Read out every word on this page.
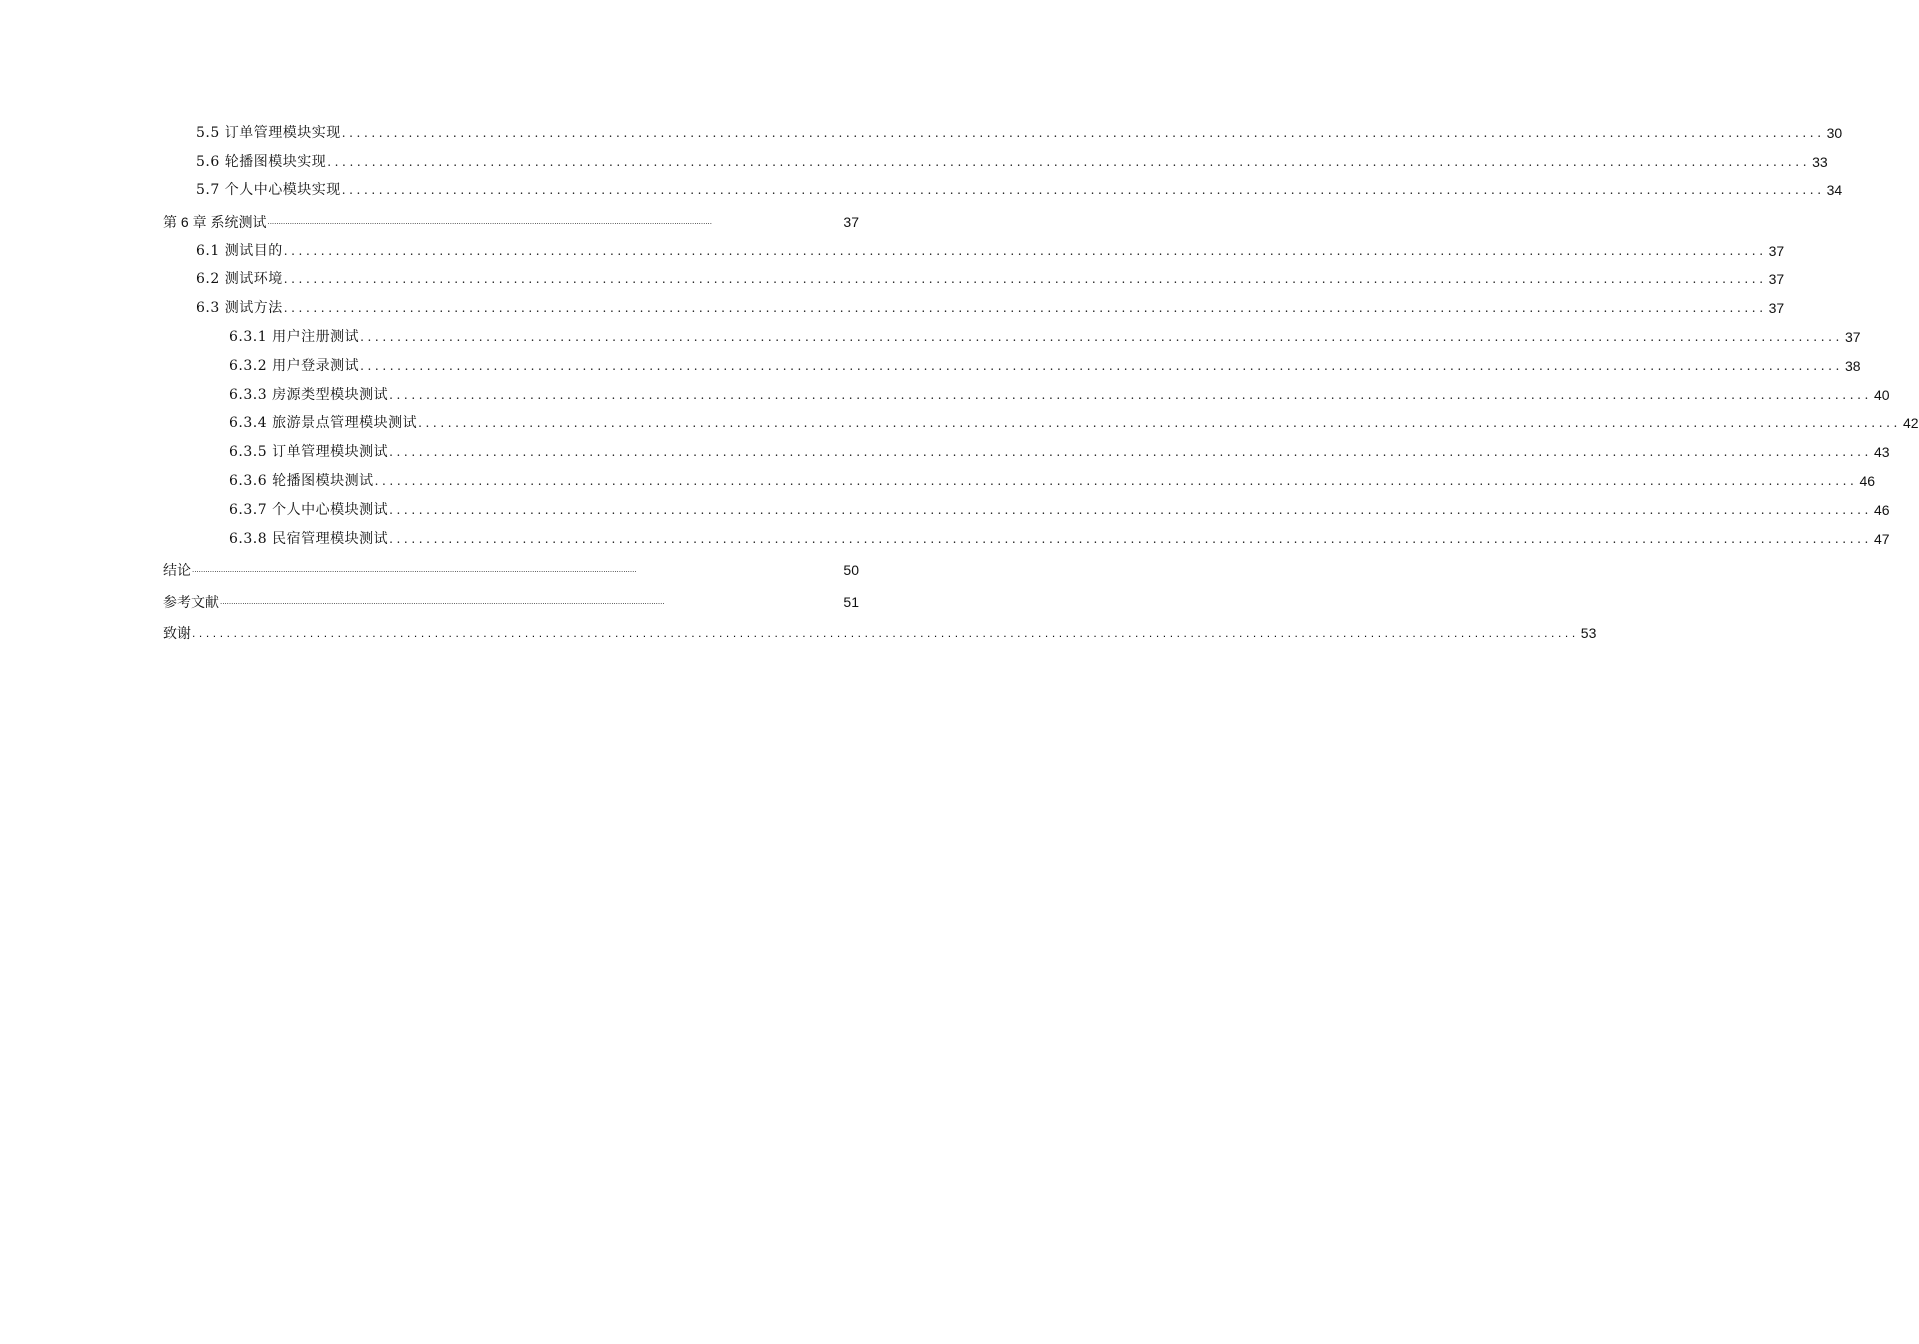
5.5 订单管理模块实现 ........................................................................................................................................................................................................ 30
5.6 轮播图模块实现 ........................................................................................................................................................................................................ 33
5.7 个人中心模块实现 ........................................................................................................................................................................................................ 34
第 6 章 系统测试 ........................................................................................................................................................................................................	37
6.1 测试目的 ........................................................................................................................................................................................................ 37
6.2 测试环境 ........................................................................................................................................................................................................ 37
6.3 测试方法 ........................................................................................................................................................................................................ 37
6.3.1 用户注册测试 ........................................................................................................................................................................................................ 37
6.3.2 用户登录测试 ........................................................................................................................................................................................................ 38
6.3.3 房源类型模块测试 ........................................................................................................................................................................................................ 40
6.3.4 旅游景点管理模块测试 ........................................................................................................................................................................................................ 42
6.3.5 订单管理模块测试 ........................................................................................................................................................................................................ 43
6.3.6 轮播图模块测试 ........................................................................................................................................................................................................ 46
6.3.7 个人中心模块测试 ........................................................................................................................................................................................................ 46
6.3.8 民宿管理模块测试 ........................................................................................................................................................................................................ 47
结论 ........................................................................................................................................................................................................	50
参考文献 ........................................................................................................................................................................................................	51
致谢 ........................................................................................................................................................................................................ 53
